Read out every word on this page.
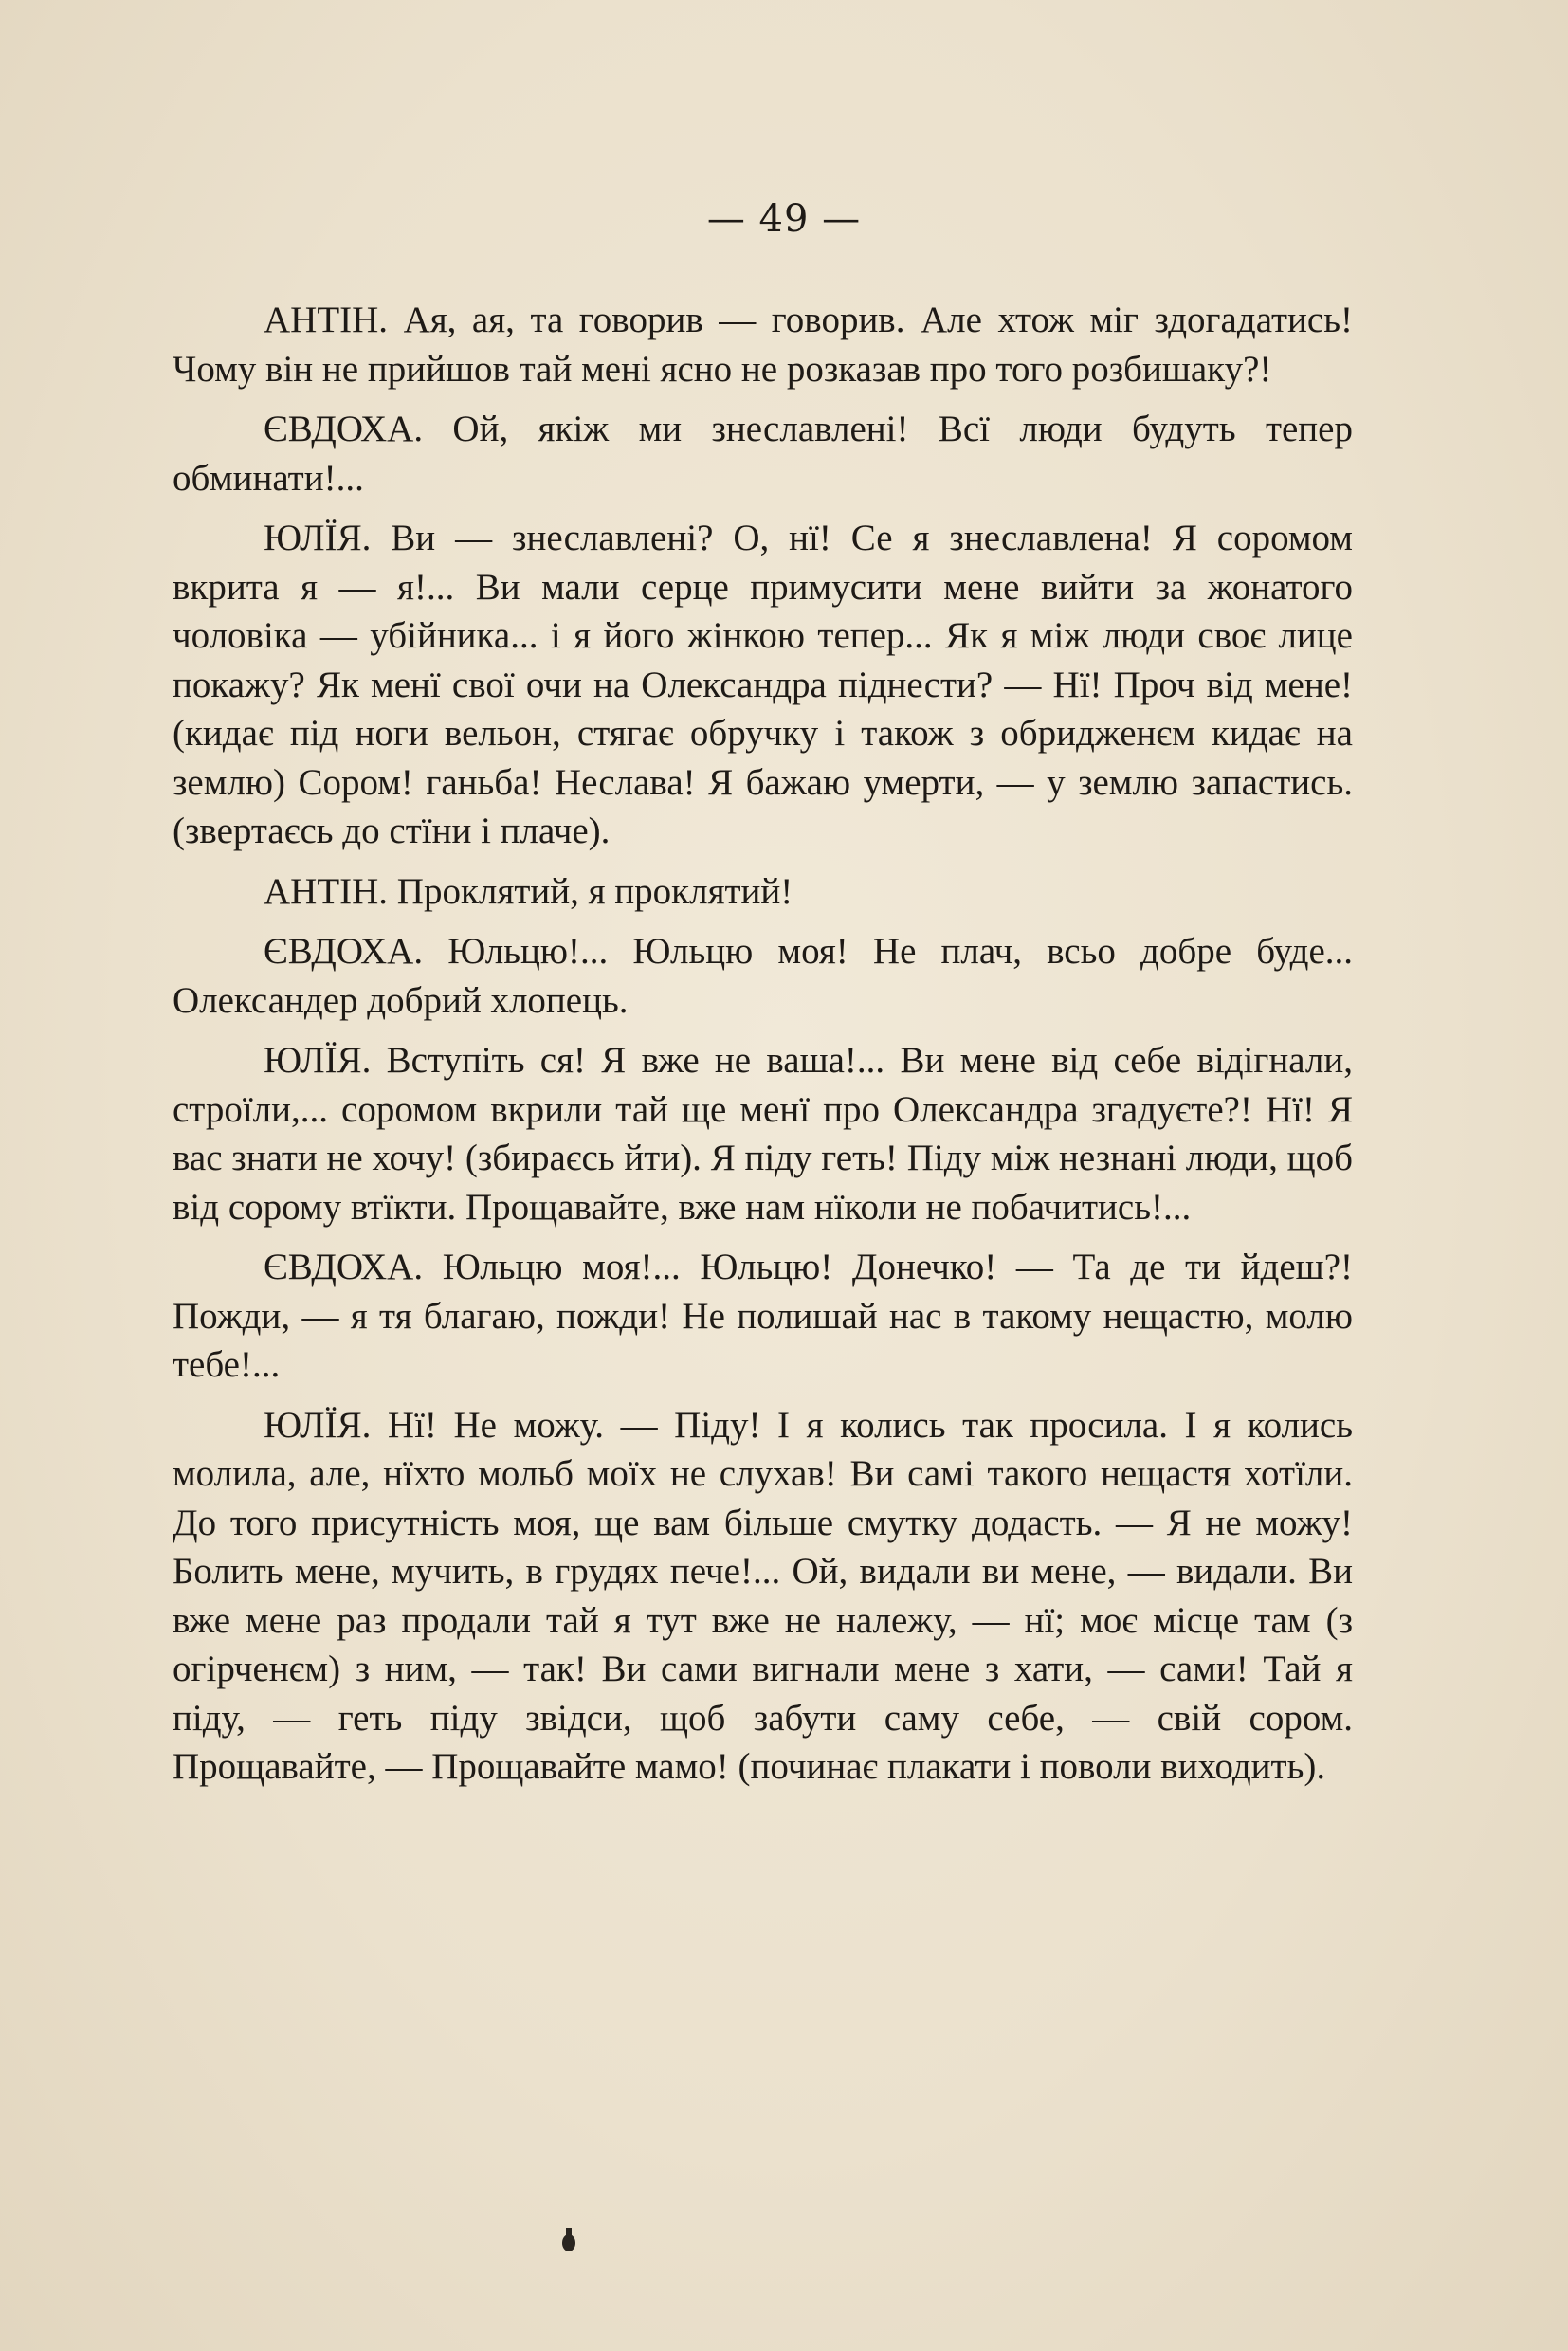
— 49 —

АНТІН. Ая, ая, та говорив — говорив. Але хтож міг здогадатись! Чому він не прийшов тай мені ясно не розказав про того розбишаку?!

ЄВДОХА. Ой, якіж ми знеславлені! Всї люди будуть тепер обминати!...

ЮЛЇЯ. Ви — знеславлені? О, нї! Се я знеславлена! Я соромом вкрита я — я!... Ви мали серце примусити мене вийти за жонатого чоловіка — убійника... і я його жінкою тепер... Як я між люди своє лице покажу? Як менї свої очи на Олександра піднести? — Нї! Проч від мене! (кидає під ноги вельон, стягає обручку і також з обридженєм кидає на землю) Сором! ганьба! Неслава! Я бажаю умерти, — у землю запастись. (звертаєсь до стїни і плаче).

АНТІН. Проклятий, я проклятий!

ЄВДОХА. Юльцю!... Юльцю моя! Не плач, всьо добре буде... Олександер добрий хлопець.

ЮЛЇЯ. Вступіть ся! Я вже не ваша!... Ви мене від себе відігнали, строїли,... соромом вкрили тай ще менї про Олександра згадуєте?! Нї! Я вас знати не хочу! (збираєсь йти). Я піду геть! Піду між незнані люди, щоб від сорому втїкти. Прощавайте, вже нам нїколи не побачитись!...

ЄВДОХА. Юльцю моя!... Юльцю! Донечко! — Та де ти йдеш?! Пожди, — я тя благаю, пожди! Не полишай нас в такому нещастю, молю тебе!...

ЮЛЇЯ. Нї! Не можу. — Піду! І я колись так просила. І я колись молила, але, нїхто мольб моїх не слухав! Ви самі такого нещастя хотїли. До того присутність моя, ще вам більше смутку додасть. — Я не можу! Болить мене, мучить, в грудях пече!... Ой, видали ви мене, — видали. Ви вже мене раз продали тай я тут вже не належу, — нї; моє місце там (з огірченєм) з ним, — так! Ви сами вигнали мене з хати, — сами! Тай я піду, — геть піду звідси, щоб забути саму себе, — свій сором. Прощавайте, — Прощавайте мамо! (починає плакати і поволи виходить).
